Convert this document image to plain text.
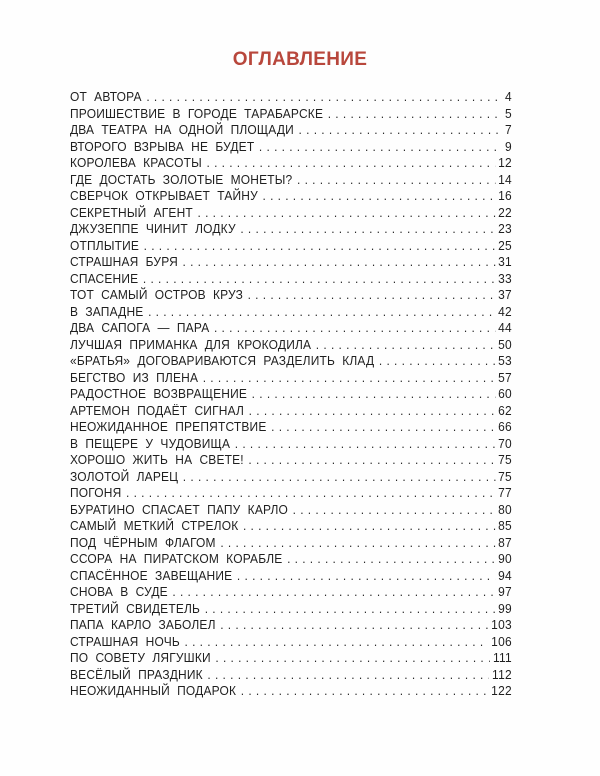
ОГЛАВЛЕНИЕ
ОТ АВТОРА . . .	4
ПРОИШЕСТВИЕ В ГОРОДЕ ТАРАБАРСКЕ . . .	5
ДВА ТЕАТРА НА ОДНОЙ ПЛОЩАДИ . . .	7
ВТОРОГО ВЗРЫВА НЕ БУДЕТ . . .	9
КОРОЛЕВА КРАСОТЫ . . .	12
ГДЕ ДОСТАТЬ ЗОЛОТЫЕ МОНЕТЫ? . . .	14
СВЕРЧОК ОТКРЫВАЕТ ТАЙНУ . . .	16
СЕКРЕТНЫЙ АГЕНТ . . .	22
ДЖУЗЕППЕ ЧИНИТ ЛОДКУ . . .	23
ОТПЛЫТИЕ . . .	25
СТРАШНАЯ БУРЯ . . .	31
СПАСЕНИЕ . . .	33
ТОТ САМЫЙ ОСТРОВ КРУЗ . . .	37
В ЗАПАДНЕ . . .	42
ДВА САПОГА — ПАРА . . .	44
ЛУЧШАЯ ПРИМАНКА ДЛЯ КРОКОДИЛА . . .	50
«БРАТЬЯ» ДОГОВАРИВАЮТСЯ РАЗДЕЛИТЬ КЛАД . . .	53
БЕГСТВО ИЗ ПЛЕНА . . .	57
РАДОСТНОЕ ВОЗВРАЩЕНИЕ . . .	60
АРТЕМОН ПОДАЁТ СИГНАЛ . . .	62
НЕОЖИДАННОЕ ПРЕПЯТСТВИЕ . . .	66
В ПЕЩЕРЕ У ЧУДОВИЩА . . .	70
ХОРОШО ЖИТЬ НА СВЕТЕ! . . .	75
ЗОЛОТОЙ ЛАРЕЦ . . .	75
ПОГОНЯ . . .	77
БУРАТИНО СПАСАЕТ ПАПУ КАРЛО . . .	80
САМЫЙ МЕТКИЙ СТРЕЛОК . . .	85
ПОД ЧЁРНЫМ ФЛАГОМ . . .	87
ССОРА НА ПИРАТСКОМ КОРАБЛЕ . . .	90
СПАСЁННОЕ ЗАВЕЩАНИЕ . . .	94
СНОВА В СУДЕ . . .	97
ТРЕТИЙ СВИДЕТЕЛЬ . . .	99
ПАПА КАРЛО ЗАБОЛЕЛ . . .	103
СТРАШНАЯ НОЧЬ . . .	106
ПО СОВЕТУ ЛЯГУШКИ . . .	111
ВЕСЁЛЫЙ ПРАЗДНИК . . .	112
НЕОЖИДАННЫЙ ПОДАРОК . . .	122
